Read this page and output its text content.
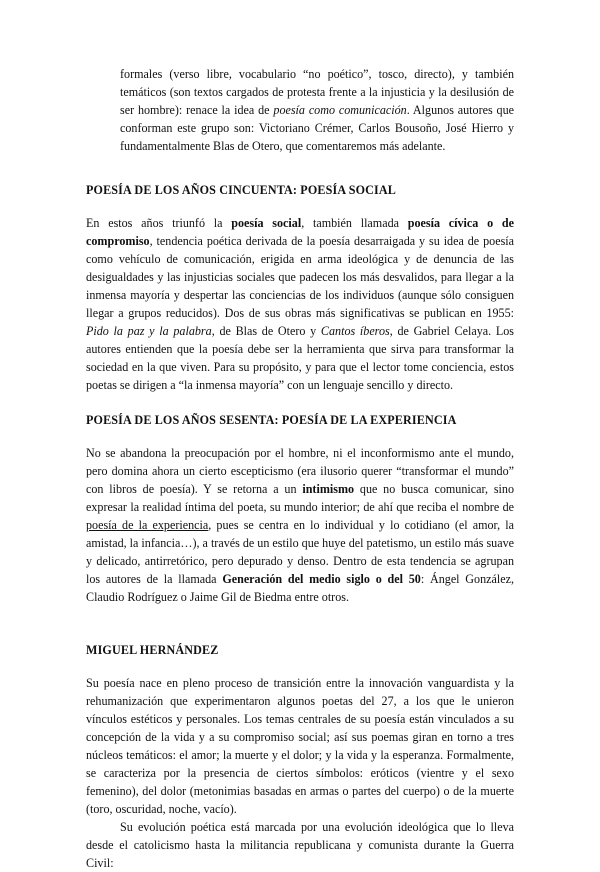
formales (verso libre, vocabulario “no poético”, tosco, directo), y también temáticos (son textos cargados de protesta frente a la injusticia y la desilusión de ser hombre): renace la idea de poesía como comunicación. Algunos autores que conforman este grupo son: Victoriano Crémer, Carlos Bousoño, José Hierro y fundamentalmente Blas de Otero, que comentaremos más adelante.

POESÍA DE LOS AÑOS CINCUENTA: POESÍA SOCIAL

En estos años triunfó la poesía social, también llamada poesía cívica o de compromiso, tendencia poética derivada de la poesía desarraigada y su idea de poesía como vehículo de comunicación, erigida en arma ideológica y de denuncia de las desigualdades y las injusticias sociales que padecen los más desvalidos, para llegar a la inmensa mayoría y despertar las conciencias de los individuos (aunque sólo consiguen llegar a grupos reducidos). Dos de sus obras más significativas se publican en 1955: Pido la paz y la palabra, de Blas de Otero y Cantos íberos, de Gabriel Celaya. Los autores entienden que la poesía debe ser la herramienta que sirva para transformar la sociedad en la que viven. Para su propósito, y para que el lector tome conciencia, estos poetas se dirigen a “la inmensa mayoría” con un lenguaje sencillo y directo.

POESÍA DE LOS AÑOS SESENTA: POESÍA DE LA EXPERIENCIA

No se abandona la preocupación por el hombre, ni el inconformismo ante el mundo, pero domina ahora un cierto escepticismo (era ilusorio querer “transformar el mundo” con libros de poesía). Y se retorna a un intimismo que no busca comunicar, sino expresar la realidad íntima del poeta, su mundo interior; de ahí que reciba el nombre de poesía de la experiencia, pues se centra en lo individual y lo cotidiano (el amor, la amistad, la infancia…), a través de un estilo que huye del patetismo, un estilo más suave y delicado, antirretórico, pero depurado y denso. Dentro de esta tendencia se agrupan los autores de la llamada Generación del medio siglo o del 50: Ángel González, Claudio Rodríguez o Jaime Gil de Biedma entre otros.

MIGUEL HERNÁNDEZ

Su poesía nace en pleno proceso de transición entre la innovación vanguardista y la rehumanización que experimentaron algunos poetas del 27, a los que le unieron vínculos estéticos y personales. Los temas centrales de su poesía están vinculados a su concepción de la vida y a su compromiso social; así sus poemas giran en torno a tres núcleos temáticos: el amor; la muerte y el dolor; y la vida y la esperanza. Formalmente, se caracteriza por la presencia de ciertos símbolos: eróticos (vientre y el sexo femenino), del dolor (metonimias basadas en armas o partes del cuerpo) o de la muerte (toro, oscuridad, noche, vacío).

Su evolución poética está marcada por una evolución ideológica que lo lleva desde el catolicismo hasta la militancia republicana y comunista durante la Guerra Civil:
